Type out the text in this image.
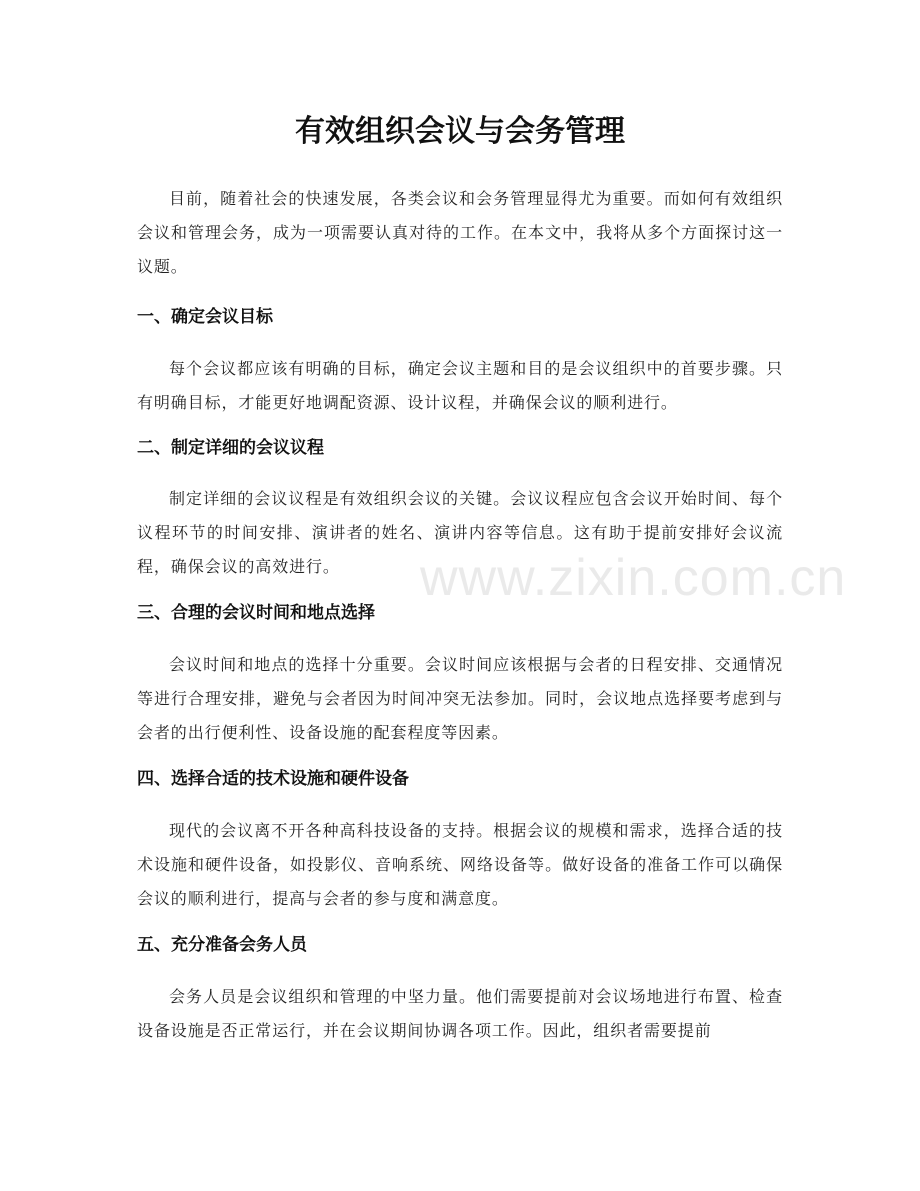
有效组织会议与会务管理

目前，随着社会的快速发展，各类会议和会务管理显得尤为重要。而如何有效组织会议和管理会务，成为一项需要认真对待的工作。在本文中，我将从多个方面探讨这一议题。

一、确定会议目标

每个会议都应该有明确的目标，确定会议主题和目的是会议组织中的首要步骤。只有明确目标，才能更好地调配资源、设计议程，并确保会议的顺利进行。

二、制定详细的会议议程

制定详细的会议议程是有效组织会议的关键。会议议程应包含会议开始时间、每个议程环节的时间安排、演讲者的姓名、演讲内容等信息。这有助于提前安排好会议流程，确保会议的高效进行。

三、合理的会议时间和地点选择

会议时间和地点的选择十分重要。会议时间应该根据与会者的日程安排、交通情况等进行合理安排，避免与会者因为时间冲突无法参加。同时，会议地点选择要考虑到与会者的出行便利性、设备设施的配套程度等因素。

四、选择合适的技术设施和硬件设备

现代的会议离不开各种高科技设备的支持。根据会议的规模和需求，选择合适的技术设施和硬件设备，如投影仪、音响系统、网络设备等。做好设备的准备工作可以确保会议的顺利进行，提高与会者的参与度和满意度。

五、充分准备会务人员

会务人员是会议组织和管理的中坚力量。他们需要提前对会议场地进行布置、检查设备设施是否正常运行，并在会议期间协调各项工作。因此，组织者需要提前

www.zixin.com.cn
